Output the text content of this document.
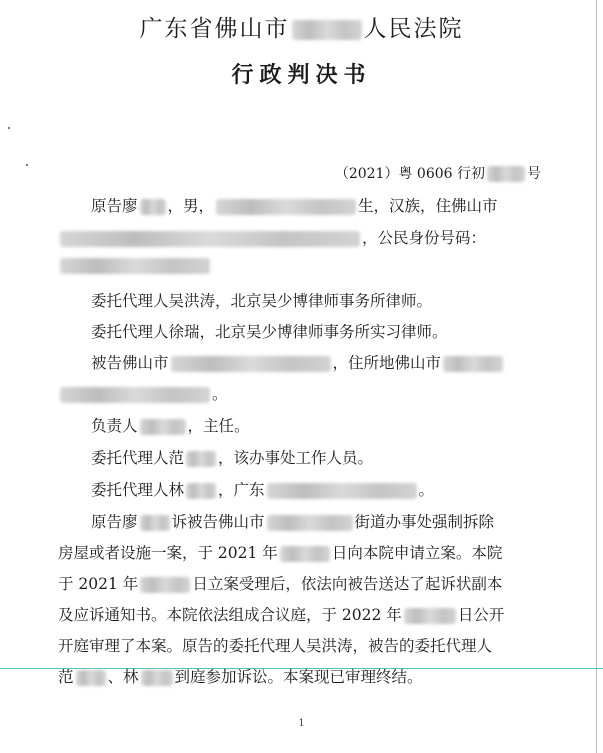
广东省佛山市	人民法院
行政判决书
（2021）粤 0606 行初	号
原告廖 ，男，	生，汉族，住佛山市
，公民身份号码：
委托代理人吴洪涛，北京吴少博律师事务所律师。
委托代理人徐瑞，北京吴少博律师事务所实习律师。
被告佛山市	，住所地佛山市
。
负责人	，主任。
委托代理人范 ，该办事处工作人员。
委托代理人林 ，广东	。
原告廖 诉被告佛山市	街道办事处强制拆除
房屋或者设施一案，于 2021 年	日向本院申请立案。本院
于 2021 年	日立案受理后，依法向被告送达了起诉状副本
及应诉通知书。本院依法组成合议庭，于 2022 年	日公开
开庭审理了本案。原告的委托代理人吴洪涛，被告的委托代理人
范 、林 到庭参加诉讼。本案现已审理终结。
1
